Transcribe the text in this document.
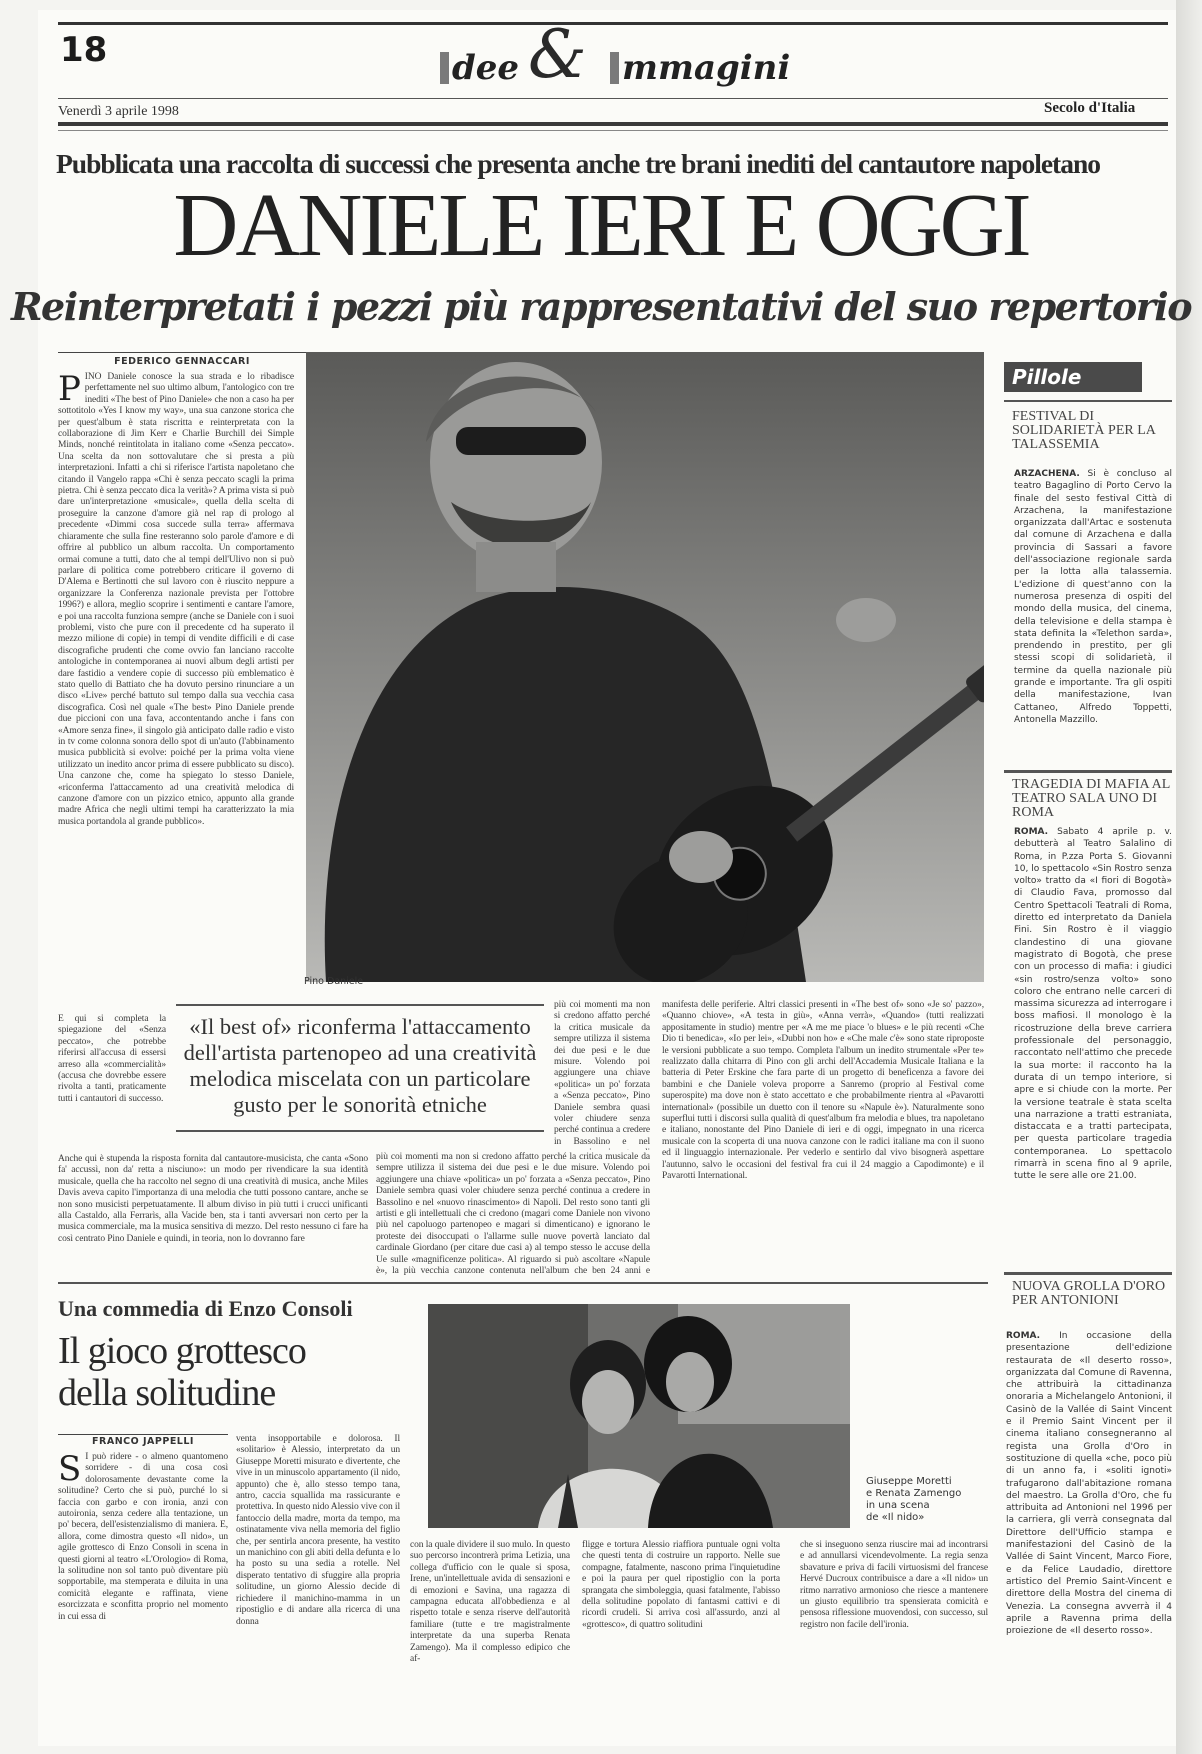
18	dee & mmagini
Venerdì 3 aprile 1998	Secolo d'Italia
Pubblicata una raccolta di successi che presenta anche tre brani inediti del cantautore napoletano
DANIELE IERI E OGGI
Reinterpretati i pezzi più rappresentativi del suo repertorio
FEDERICO GENNACCARI
P INO Daniele conosce la sua strada e lo ribadisce perfettamente nel suo ultimo album, l'antologico con tre inediti «The best of Pino Daniele» che non a caso ha per sottotitolo «Yes I know my way», una sua canzone storica che per quest'album è stata riscritta e reinterpretata con la collaborazione di Jim Kerr e Charlie Burchill dei Simple Minds, nonché reintitolata in italiano come «Senza peccato». Una scelta da non sottovalutare che si presta a più interpretazioni. Infatti a chi si riferisce l'artista napoletano che citando il Vangelo rappa «Chi è senza peccato scagli la prima pietra. Chi è senza peccato dica la verità»? A prima vista si può dare un'interpretazione «musicale», quella della scelta di proseguire la canzone d'amore già nel rap di prologo al precedente «Dimmi cosa succede sulla terra» affermava chiaramente che sulla fine resteranno solo parole d'amore e di offrire al pubblico un album raccolta. Un comportamento ormai comune a tutti, dato che al tempi dell'Ulivo non si può parlare di politica come potrebbero criticare il governo di D'Alema e Bertinotti che sul lavoro con è riuscito neppure a organizzare la Conferenza nazionale prevista per l'ottobre 1996?) e allora, meglio scoprire i sentimenti e cantare l'amore, e poi una raccolta funziona sempre (anche se Daniele con i suoi problemi, visto che pure con il precedente cd ha superato il mezzo milione di copie) in tempi di vendite difficili e di case discografiche prudenti che come ovvio fan lanciano raccolte antologiche in contemporanea ai nuovi album degli artisti per dare fastidio a vendere copie di successo più emblematico è stato quello di Battiato che ha dovuto persino rinunciare a un disco «Live» perché battuto sul tempo dalla sua vecchia casa discografica. Così nel quale «The best» Pino Daniele prende due piccioni con una fava, accontentando anche i fans con «Amore senza fine», il singolo già anticipato dalle radio e visto in tv come colonna sonora dello spot di un'auto (l'abbinamento musica pubblicità si evolve: poiché per la prima volta viene utilizzato un inedito ancor prima di essere pubblicato su disco). Una canzone che, come ha spiegato lo stesso Daniele, «riconferma l'attaccamento ad una creatività melodica di canzone d'amore con un pizzico etnico, appunto alla grande madre Africa che negli ultimi tempi ha caratterizzato la mia musica portandola al grande pubblico».
E qui si completa la spiegazione del «Senza peccato», che potrebbe riferirsi all'accusa di essersi arreso alla «commercialità» (accusa che dovrebbe essere rivolta a tanti, praticamente tutti i cantautori di successo.
Anche qui è stupenda la risposta fornita dal cantautore-musicista, che canta «Sono fa' accussì, non da' retta a nisciuno»: un modo per rivendicare la sua identità musicale, quella che ha raccolto nel segno di una creatività di musica, anche Miles Davis aveva capito l'importanza di una melodia che tutti possono cantare, anche se non sono musicisti perpetuatamente. Il album diviso in più tutti i crucci unificanti alla Castaldo, alla Ferrarìs, alla Vacide ben, sta i tanti avversari non certo per la musica commerciale, ma la musica sensitiva di mezzo. Del resto nessuno ci fare ha così centrato Pino Daniele e quindi, in teoria, non lo dovranno fare
Pino Daniele
«Il best of» riconferma l'attaccamento dell'artista partenopeo ad una creatività melodica miscelata con un particolare gusto per le sonorità etniche
più coi momenti ma non si credono affatto perché la critica musicale da sempre utilizza il sistema dei due pesi e le due misure. Volendo poi aggiungere una chiave «politica» un po' forzata a «Senza peccato», Pino Daniele sembra quasi voler chiudere senza perché continua a credere in Bassolino e nel
più coi momenti ma non si credono affatto perché la critica musicale da sempre utilizza il sistema dei due pesi e le due misure. Volendo poi aggiungere una chiave «politica» un po' forzata a «Senza peccato», Pino Daniele sembra quasi voler chiudere senza perché continua a credere in Bassolino e nel «nuovo rinascimento» di Napoli. Del resto sono tanti gli artisti e gli intellettuali che ci credono (magari come Daniele non vivono più nel capoluogo partenopeo e magari si dimenticano) e ignorano le proteste dei disoccupati o l'allarme sulle nuove povertà lanciato dal cardinale Giordano (per citare due casi a) al tempo stesso le accuse della Ue sulle «magnificenze politica». Al riguardo si può ascoltare «Napule è», la più vecchia canzone contenuta nell'album che ben 24 anni e
manifesta delle periferie. Altri classici presenti in «The best of» sono «Je so' pazzo», «Quanno chiove», «A testa in giù», «Anna verrà», «Quando» (tutti realizzati appositamente in studio) mentre per «A me me piace 'o blues» e le più recenti «Che Dio ti benedica», «Io per lei», «Dubbi non ho» e «Che male c'è» sono state riproposte le versioni pubblicate a suo tempo. Completa l'album un inedito strumentale «Per te» realizzato dalla chitarra di Pino con gli archi dell'Accademia Musicale Italiana e la batteria di Peter Erskine che fara parte di un progetto di beneficenza a favore dei bambini e che Daniele voleva proporre a Sanremo (proprio al Festival come superospite) ma dove non è stato accettato e che probabilmente rientra al «Pavarotti international» (possibile un duetto con il tenore su «Napule è»). Naturalmente sono superflui tutti i discorsi sulla qualità di quest'album fra melodia e blues, tra napoletano e italiano, nonostante del Pino Daniele di ieri e di oggi, impegnato in una ricerca musicale con la scoperta di una nuova canzone con le radici italiane ma con il suono ed il linguaggio internazionale. Per vederlo e sentirlo dal vivo bisognerà aspettare l'autunno, salvo le occasioni del festival fra cui il 24 maggio a Capodimonte) e il Pavarotti International.
Pillole
FESTIVAL DI SOLIDARIETÀ PER LA TALASSEMIA
ARZACHENA. Si è concluso al teatro Bagaglino di Porto Cervo la finale del sesto festival Città di Arzachena, la manifestazione organizzata dall'Artac e sostenuta dal comune di Arzachena e dalla provincia di Sassari a favore dell'associazione regionale sarda per la lotta alla talassemia. L'edizione di quest'anno con la numerosa presenza di ospiti del mondo della musica, del cinema, della televisione e della stampa è stata definita la «Telethon sarda», prendendo in prestito, per gli stessi scopi di solidarietà, il termine da quella nazionale più grande e importante. Tra gli ospiti della manifestazione, Ivan Cattaneo, Alfredo Toppetti, Antonella Mazzillo.
TRAGEDIA DI MAFIA AL TEATRO SALA UNO DI ROMA
ROMA. Sabato 4 aprile p. v. debutterà al Teatro Salalino di Roma, in P.zza Porta S. Giovanni 10, lo spettacolo «Sin Rostro senza volto» tratto da «I fiori di Bogotà» di Claudio Fava, promosso dal Centro Spettacoli Teatrali di Roma, diretto ed interpretato da Daniela Fini. Sin Rostro è il viaggio clandestino di una giovane magistrato di Bogotà, che prese con un processo di mafia: i giudici «sin rostro/senza volto» sono coloro che entrano nelle carceri di massima sicurezza ad interrogare i boss mafiosi. Il monologo è la ricostruzione della breve carriera professionale del personaggio, raccontato nell'attimo che precede la sua morte: il racconto ha la durata di un tempo interiore, si apre e si chiude con la morte. Per la versione teatrale è stata scelta una narrazione a tratti estraniata, distaccata e a tratti partecipata, per questa particolare tragedia contemporanea. Lo spettacolo rimarrà in scena fino al 9 aprile, tutte le sere alle ore 21.00.
NUOVA GROLLA D'ORO PER ANTONIONI
ROMA. In occasione della presentazione dell'edizione restaurata de «Il deserto rosso», organizzata dal Comune di Ravenna, che attribuirà la cittadinanza onoraria a Michelangelo Antonioni, il Casinò de la Vallée di Saint Vincent e il Premio Saint Vincent per il cinema italiano consegneranno al regista una Grolla d'Oro in sostituzione di quella «che, poco più di un anno fa, i «soliti ignoti» trafugarono dall'abitazione romana del maestro. La Grolla d'Oro, che fu attribuita ad Antonioni nel 1996 per la carriera, gli verrà consegnata dal Direttore dell'Ufficio stampa e manifestazioni del Casinò de la Vallée di Saint Vincent, Marco Fiore, e da Felice Laudadio, direttore artistico del Premio Saint-Vincent e direttore della Mostra del cinema di Venezia. La consegna avverrà il 4 aprile a Ravenna prima della proiezione de «Il deserto rosso».
Una commedia di Enzo Consoli
Il gioco grottesco
della solitudine
FRANCO JAPPELLI
S I può ridere - o almeno quantomeno sorridere - di una cosa così dolorosamente devastante come la solitudine? Certo che si può, purché lo si faccia con garbo e con ironia, anzi con autoironia, senza cedere alla tentazione, un po' becera, dell'esistenzialismo di maniera. E, allora, come dimostra questo «Il nido», un agile grottesco di Enzo Consoli in scena in questi giorni al teatro «L'Orologio» di Roma, la solitudine non sol tanto può diventare più sopportabile, ma stemperata e diluita in una comicità elegante e raffinata, viene esorcizzata e sconfitta proprio nel momento in cui essa di
venta insopportabile e dolorosa. Il «solitario» è Alessio, interpretato da un Giuseppe Moretti misurato e divertente, che vive in un minuscolo appartamento (il nido, appunto) che è, allo stesso tempo tana, antro, caccia squallida ma rassicurante e protettiva. In questo nido Alessio vive con il fantoccio della madre, morta da tempo, ma ostinatamente viva nella memoria del figlio che, per sentirla ancora presente, ha vestito un manichino con gli abiti della defunta e lo ha posto su una sedia a rotelle. Nel disperato tentativo di sfuggire alla propria solitudine, un giorno Alessio decide di richiedere il manichino-mamma in un ripostiglio e di andare alla ricerca di una donna
Giuseppe Moretti
e Renata Zamengo
in una scena
de «Il nido»
con la quale dividere il suo mulo. In questo suo percorso incontrerà prima Letizia, una collega d'ufficio con le quale si sposa, Irene, un'intellettuale avida di sensazioni e di emozioni e Savina, una ragazza di campagna educata all'obbedienza e al rispetto totale e senza riserve dell'autorità familiare (tutte e tre magistralmente interpretate da una superba Renata Zamengo). Ma il complesso edipico che af-
fligge e tortura Alessio riaffiora puntuale ogni volta che questi tenta di costruire un rapporto. Nelle sue compagne, fatalmente, nascono prima l'inquietudine e poi la paura per quel ripostiglio con la porta sprangata che simboleggia, quasi fatalmente, l'abisso della solitudine popolato di fantasmi cattivi e di ricordi crudeli. Si arriva così all'assurdo, anzi al «grottesco», di quattro solitudini
che si inseguono senza riuscire mai ad incontrarsi e ad annullarsi vicendevolmente. La regia senza sbavature e priva di facili virtuosismi del francese Hervé Ducroux contribuisce a dare a «Il nido» un ritmo narrativo armonioso che riesce a mantenere un giusto equilibrio tra spensierata comicità e pensosa riflessione muovendosi, con successo, sul registro non facile dell'ironia.
